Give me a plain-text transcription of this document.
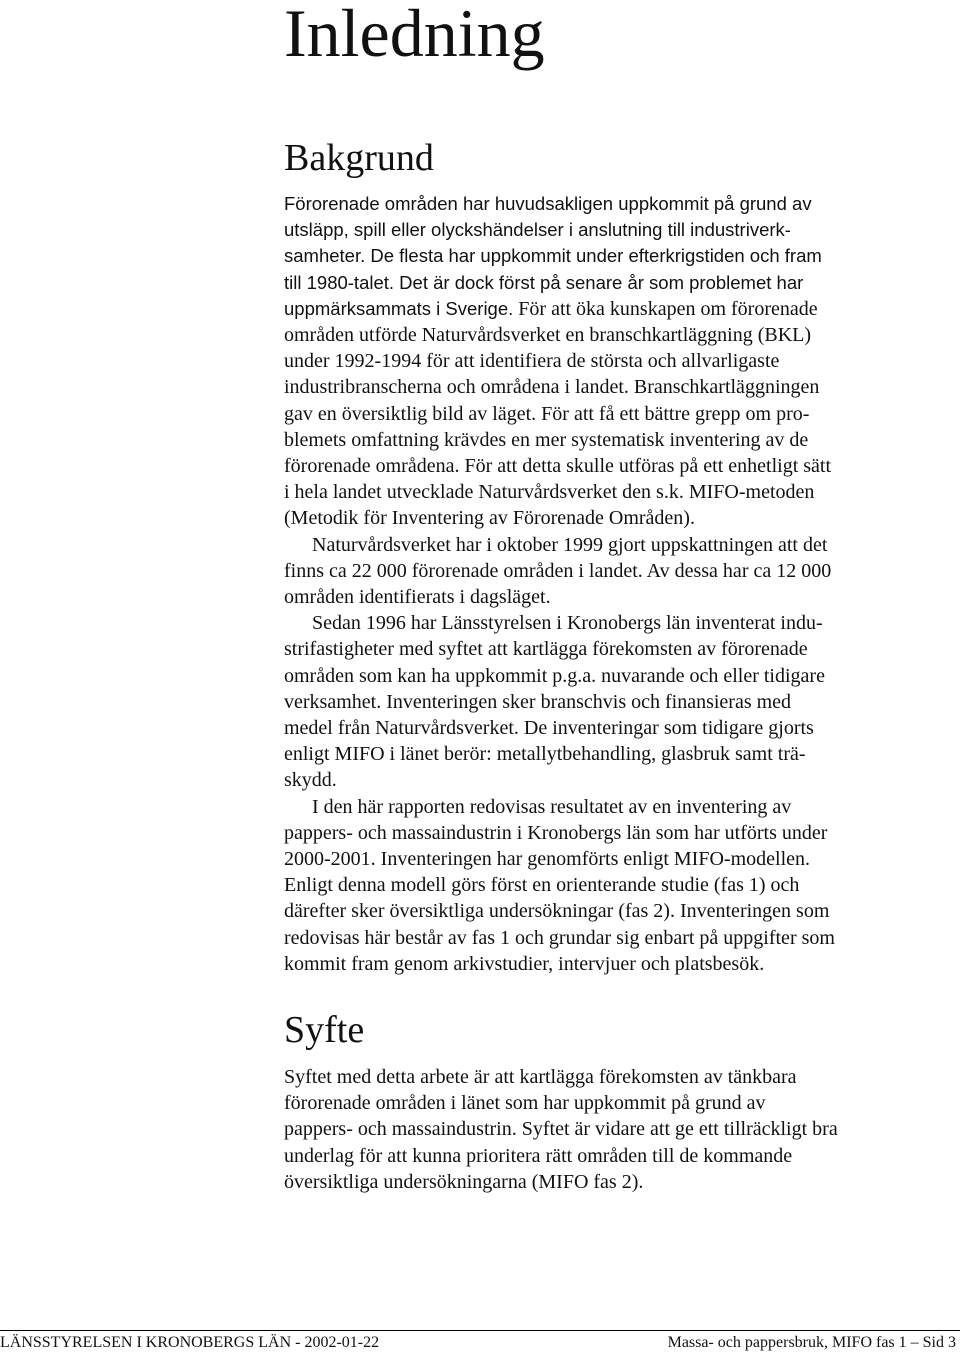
Inledning
Bakgrund
Förorenade områden har huvudsakligen uppkommit på grund av
utsläpp, spill eller olyckshändelser i anslutning till industriverk-
samheter. De flesta har uppkommit under efterkrigstiden och fram
till 1980-talet. Det är dock först på senare år som problemet har
uppmärksammats i Sverige. För att öka kunskapen om förorenade
områden utförde Naturvårdsverket en branschkartläggning (BKL)
under 1992-1994 för att identifiera de största och allvarligaste
industribranscherna och områdena i landet. Branschkartläggningen
gav en översiktlig bild av läget. För att få ett bättre grepp om pro-
blemets omfattning krävdes en mer systematisk inventering av de
förorenade områdena. För att detta skulle utföras på ett enhetligt sätt
i hela landet utvecklade Naturvårdsverket den s.k. MIFO-metoden
(Metodik för Inventering av Förorenade Områden).
Naturvårdsverket har i oktober 1999 gjort uppskattningen att det
finns ca 22 000 förorenade områden i landet. Av dessa har ca 12 000
områden identifierats i dagsläget.
Sedan 1996 har Länsstyrelsen i Kronobergs län inventerat indu-
strifastigheter med syftet att kartlägga förekomsten av förorenade
områden som kan ha uppkommit p.g.a. nuvarande och eller tidigare
verksamhet. Inventeringen sker branschvis och finansieras med
medel från Naturvårdsverket. De inventeringar som tidigare gjorts
enligt MIFO i länet berör: metallytbehandling, glasbruk samt trä-
skydd.
I den här rapporten redovisas resultatet av en inventering av
pappers- och massaindustrin i Kronobergs län som har utförts under
2000-2001. Inventeringen har genomförts enligt MIFO-modellen.
Enligt denna modell görs först en orienterande studie (fas 1) och
därefter sker översiktliga undersökningar (fas 2). Inventeringen som
redovisas här består av fas 1 och grundar sig enbart på uppgifter som
kommit fram genom arkivstudier, intervjuer och platsbesök.
Syfte
Syftet med detta arbete är att kartlägga förekomsten av tänkbara
förorenade områden i länet som har uppkommit på grund av
pappers- och massaindustrin. Syftet är vidare att ge ett tillräckligt bra
underlag för att kunna prioritera rätt områden till de kommande
översiktliga undersökningarna (MIFO fas 2).
LÄNSSTYRELSEN I KRONOBERGS LÄN - 2002-01-22	Massa- och pappersbruk, MIFO fas 1 – Sid 3
